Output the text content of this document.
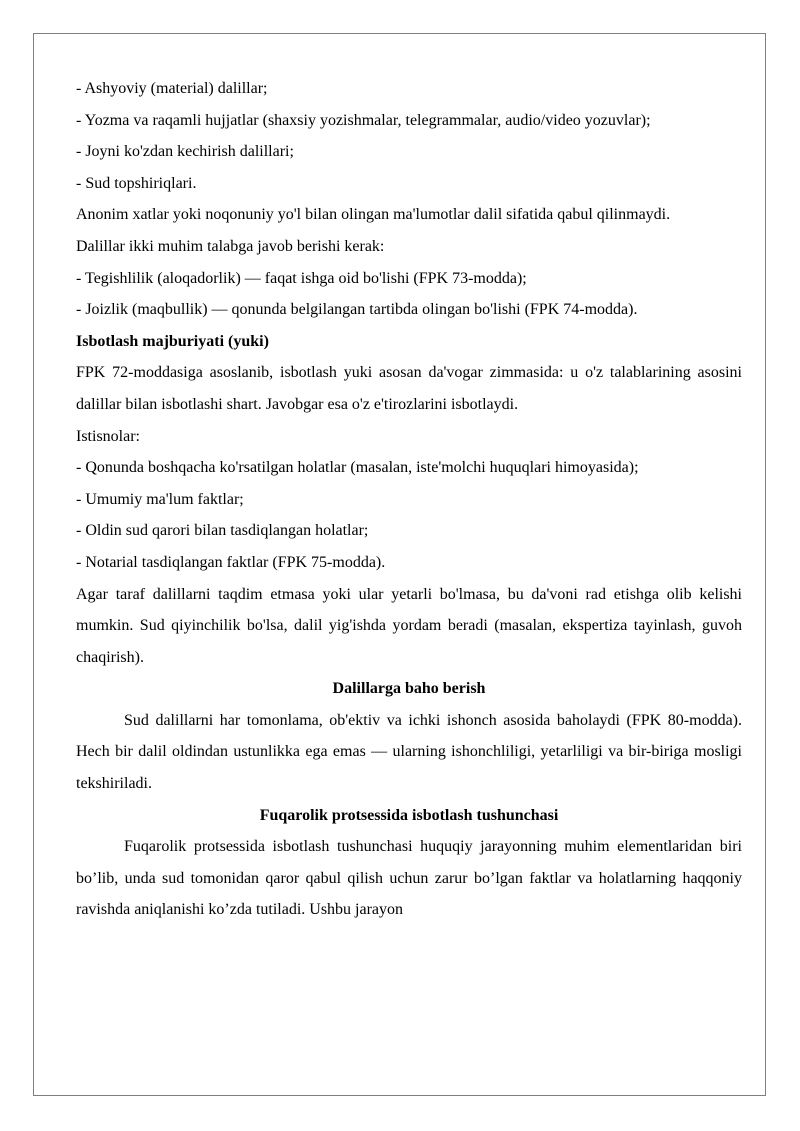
- Ashyoviy (material) dalillar;

- Yozma va raqamli hujjatlar (shaxsiy yozishmalar, telegrammalar, audio/video yozuvlar);

- Joyni ko'zdan kechirish dalillari;

- Sud topshiriqlari.

Anonim xatlar yoki noqonuniy yo'l bilan olingan ma'lumotlar dalil sifatida qabul qilinmaydi.

Dalillar ikki muhim talabga javob berishi kerak:

- Tegishlilik (aloqadorlik) — faqat ishga oid bo'lishi (FPK 73-modda);

- Joizlik (maqbullik) — qonunda belgilangan tartibda olingan bo'lishi (FPK 74-modda).

Isbotlash majburiyati (yuki)

FPK 72-moddasiga asoslanib, isbotlash yuki asosan da'vogar zimmasida: u o'z talablarining asosini dalillar bilan isbotlashi shart. Javobgar esa o'z e'tirozlarini isbotlaydi.

Istisnolar:

- Qonunda boshqacha ko'rsatilgan holatlar (masalan, iste'molchi huquqlari himoyasida);

- Umumiy ma'lum faktlar;

- Oldin sud qarori bilan tasdiqlangan holatlar;

- Notarial tasdiqlangan faktlar (FPK 75-modda).

Agar taraf dalillarni taqdim etmasa yoki ular yetarli bo'lmasa, bu da'voni rad etishga olib kelishi mumkin. Sud qiyinchilik bo'lsa, dalil yig'ishda yordam beradi (masalan, ekspertiza tayinlash, guvoh chaqirish).

Dalillarga baho berish

Sud dalillarni har tomonlama, ob'ektiv va ichki ishonch asosida baholaydi (FPK 80-modda). Hech bir dalil oldindan ustunlikka ega emas — ularning ishonchliligi, yetarliligi va bir-biriga mosligi tekshiriladi.

Fuqarolik protsessida isbotlash tushunchasi

Fuqarolik protsessida isbotlash tushunchasi huquqiy jarayonning muhim elementlaridan biri bo’lib, unda sud tomonidan qaror qabul qilish uchun zarur bo’lgan faktlar va holatlarning haqqoniy ravishda aniqlanishi ko’zda tutiladi. Ushbu jarayon
